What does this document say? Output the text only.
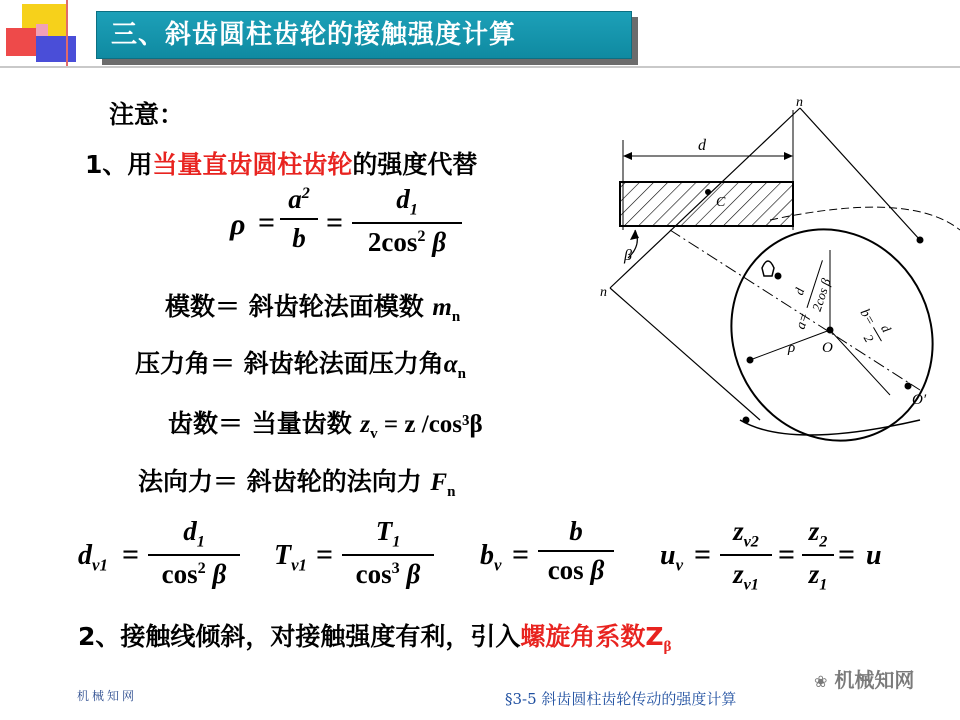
三、斜齿圆柱齿轮的接触强度计算
注意：
1、用当量直齿圆柱齿轮的强度代替
ρ =
$a^2$
b =
$d_1$
$2\cos^2$ β
模数＝ 斜齿轮法面模数 $m_n$
压力角＝ 斜齿轮法面压力角$\alpha_n$
齿数＝ 当量齿数 $z_v = z$ /cos³β
法向力＝ 斜齿轮的法向力 $F_n$
$d_{v1}$ =
$d_1$
$\cos^2 \beta$
$T_{v1}$ =
$T_1$
$\cos^3 \beta$
$b_v$ =
b
cos β	$u_v$ =
$z_{v2}$
$z_{v1}$
=
$z_2$
$z_1$
= u
2、接触线倾斜，对接触强度有利，引入螺旋角系数$Z_\beta$
n
n
d
C
β
a=
d 2cos β
b=
d
2
O
O′
ρ
机械知网	§3-5 斜齿圆柱齿轮传动的强度计算
❀ 机械知网
